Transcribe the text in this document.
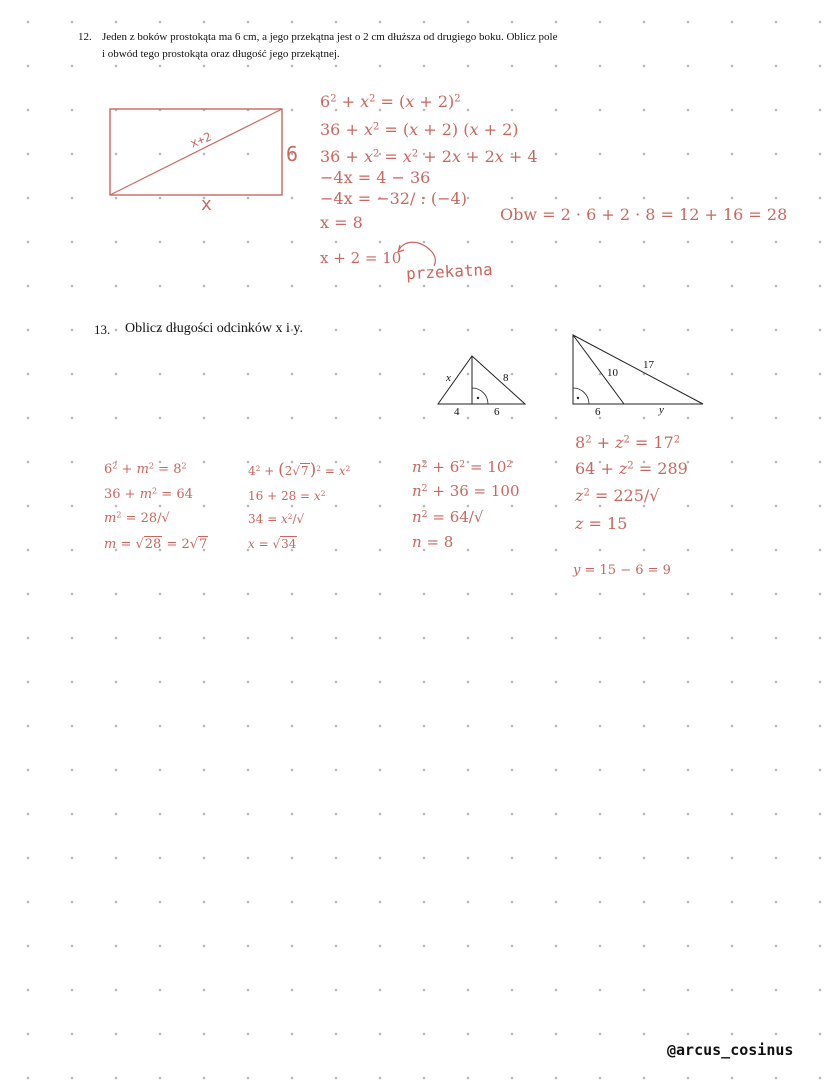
12. Jeden z boków prostokąta ma 6 cm, a jego przekątna jest o 2 cm dłuższa od drugiego boku. Oblicz pole
i obwód tego prostokąta oraz długość jego przekątnej.
x+2
6
x
$6^2 + x^2 = (x + 2)^2$
$36 + x^2 = (x + 2) (x + 2)$
$36 + x^2 = x^2 + 2x + 2x + 4$
−4x = 4 − 36
−4x = −32/ : (−4)
x = 8
x + 2 = 10
Obw = 2 · 6 + 2 · 8 = 12 + 16 = 28
przekatna
13. Oblicz długości odcinków x i y.
x	8
4	6
10
17
6	y
$6^2 + m^2 = 8^2$
$36 + m^2 = 64$
$m^2 = 28/√$
m = √28 = 2√7
$4^2 + (2√7)^2 = x^2$
$16 + 28 = x^2$
$34 = x^2/√$
x = √34
$n^2 + 6^2 = 10^2$
$n^2 + 36 = 100$
$n^2 = 64/√$
n = 8
$8^2 + z^2 = 17^2$
$64 + z^2 = 289$
$z^2 = 225/√$
z = 15
y = 15 − 6 = 9
@arcus_cosinus
